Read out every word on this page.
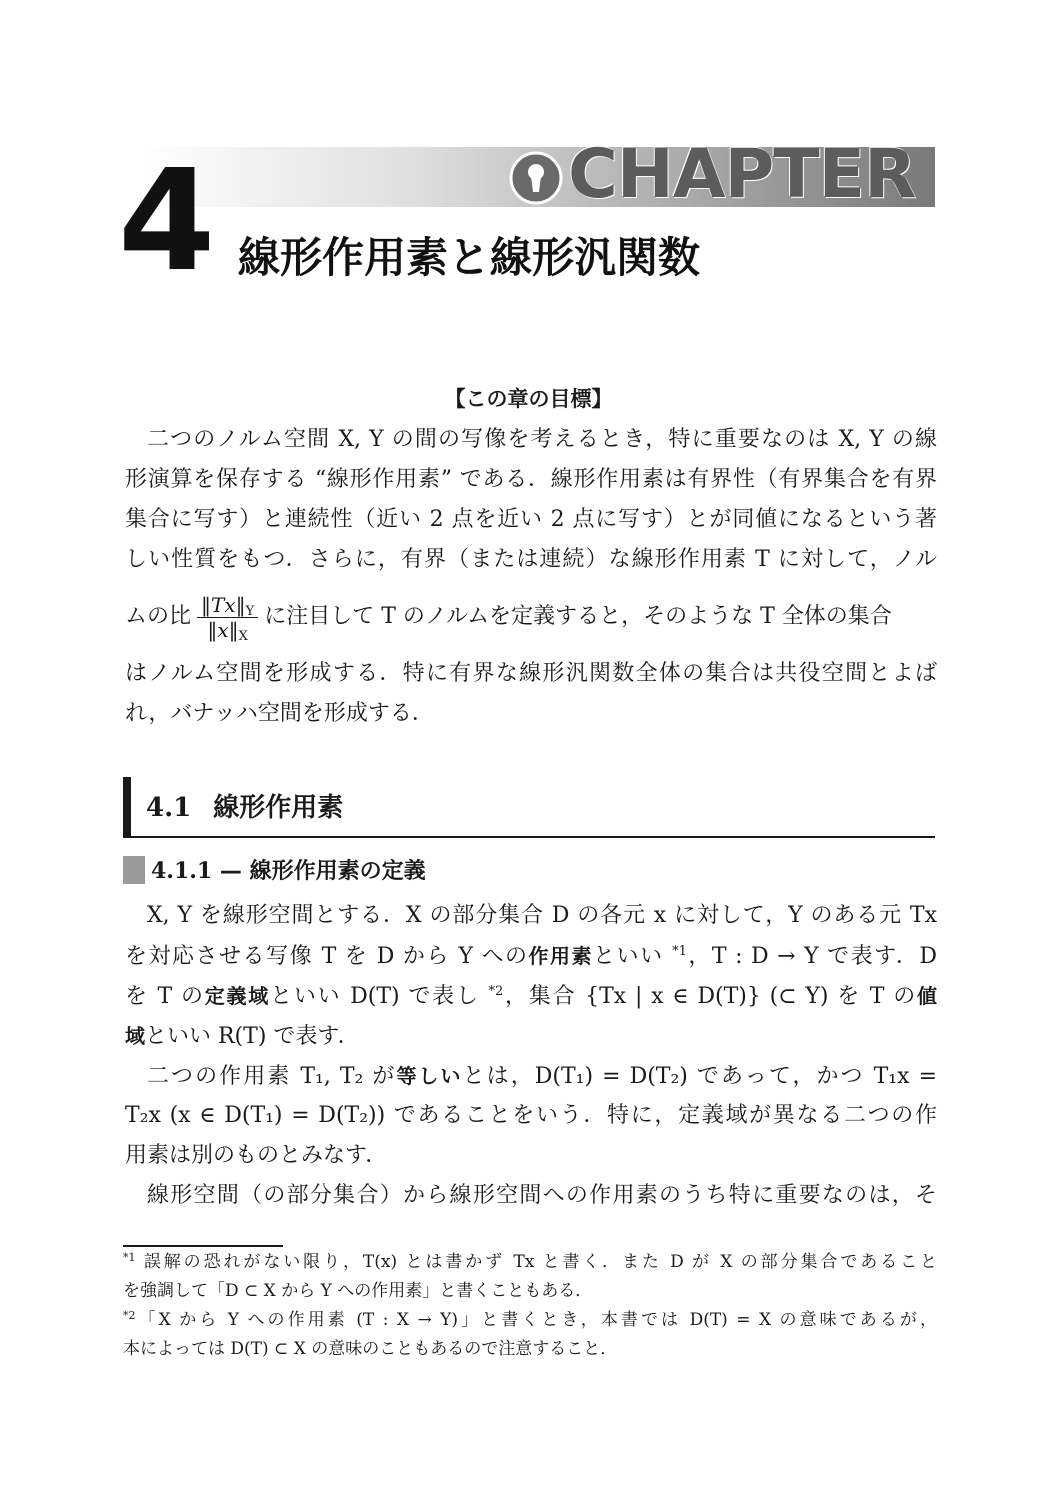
CHAPTER
4 線形作用素と線形汎関数
【この章の目標】
二つのノルム空間 X, Y の間の写像を考えるとき，特に重要なのは X, Y の線
形演算を保存する “線形作用素” である．線形作用素は有界性（有界集合を有界
集合に写す）と連続性（近い 2 点を近い 2 点に写す）とが同値になるという著
しい性質をもつ．さらに，有界（または連続）な線形作用素 T に対して，ノル
ムの比 $\frac{‖Tx‖_Y}{‖x‖_X}$ に注目して T のノルムを定義すると，そのような T 全体の集合
はノルム空間を形成する．特に有界な線形汎関数全体の集合は共役空間とよば
れ，バナッハ空間を形成する．
4.1 線形作用素
4.1.1 — 線形作用素の定義
X, Y を線形空間とする．X の部分集合 D の各元 x に対して，Y のある元 Tx
を対応させる写像 T を D から Y への作用素といい $^{*1}$，T : D → Y で表す．D
を T の定義域といい D(T) で表し $^{*2}$，集合 {Tx | x ∈ D(T)} (⊂ Y) を T の値
域といい R(T) で表す．
二つの作用素 T₁, T₂ が等しいとは，D(T₁) = D(T₂) であって，かつ T₁x =
T₂x (x ∈ D(T₁) = D(T₂)) であることをいう．特に，定義域が異なる二つの作
用素は別のものとみなす．
線形空間（の部分集合）から線形空間への作用素のうち特に重要なのは，そ
$^{*1}$ 誤解の恐れがない限り，T(x) とは書かず Tx と書く．また D が X の部分集合であること
を強調して「D ⊂ X から Y への作用素」と書くこともある．
$^{*2}$「X から Y への作用素 (T : X → Y)」と書くとき，本書では D(T) = X の意味であるが，
本によっては D(T) ⊂ X の意味のこともあるので注意すること．
